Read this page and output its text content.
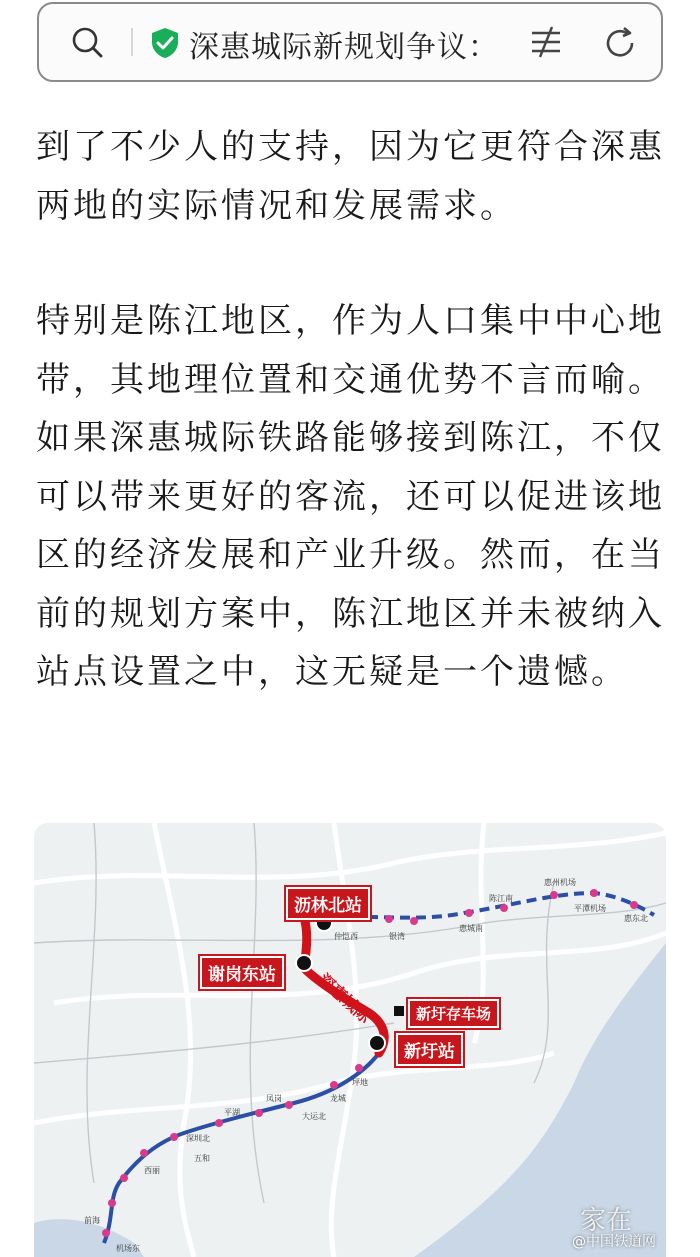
深惠城际新规划争议：

到了不少人的支持，因为它更符合深惠两地的实际情况和发展需求。

特别是陈江地区，作为人口集中中心地带，其地理位置和交通优势不言而喻。如果深惠城际铁路能够接到陈江，不仅可以带来更好的客流，还可以促进该地区的经济发展和产业升级。然而，在当前的规划方案中，陈江地区并未被纳入站点设置之中，这无疑是一个遗憾。

仲恺西	银湾
惠城南
陈江南
惠州机场
平潭机场
惠东北
坪地
龙城
大运北
凤岗
平湖
五和
西丽
深圳北
前海
机场东
深惠城际
沥林北站
谢岗东站
新圩存车场
新圩站
家在
@中国铁道网
